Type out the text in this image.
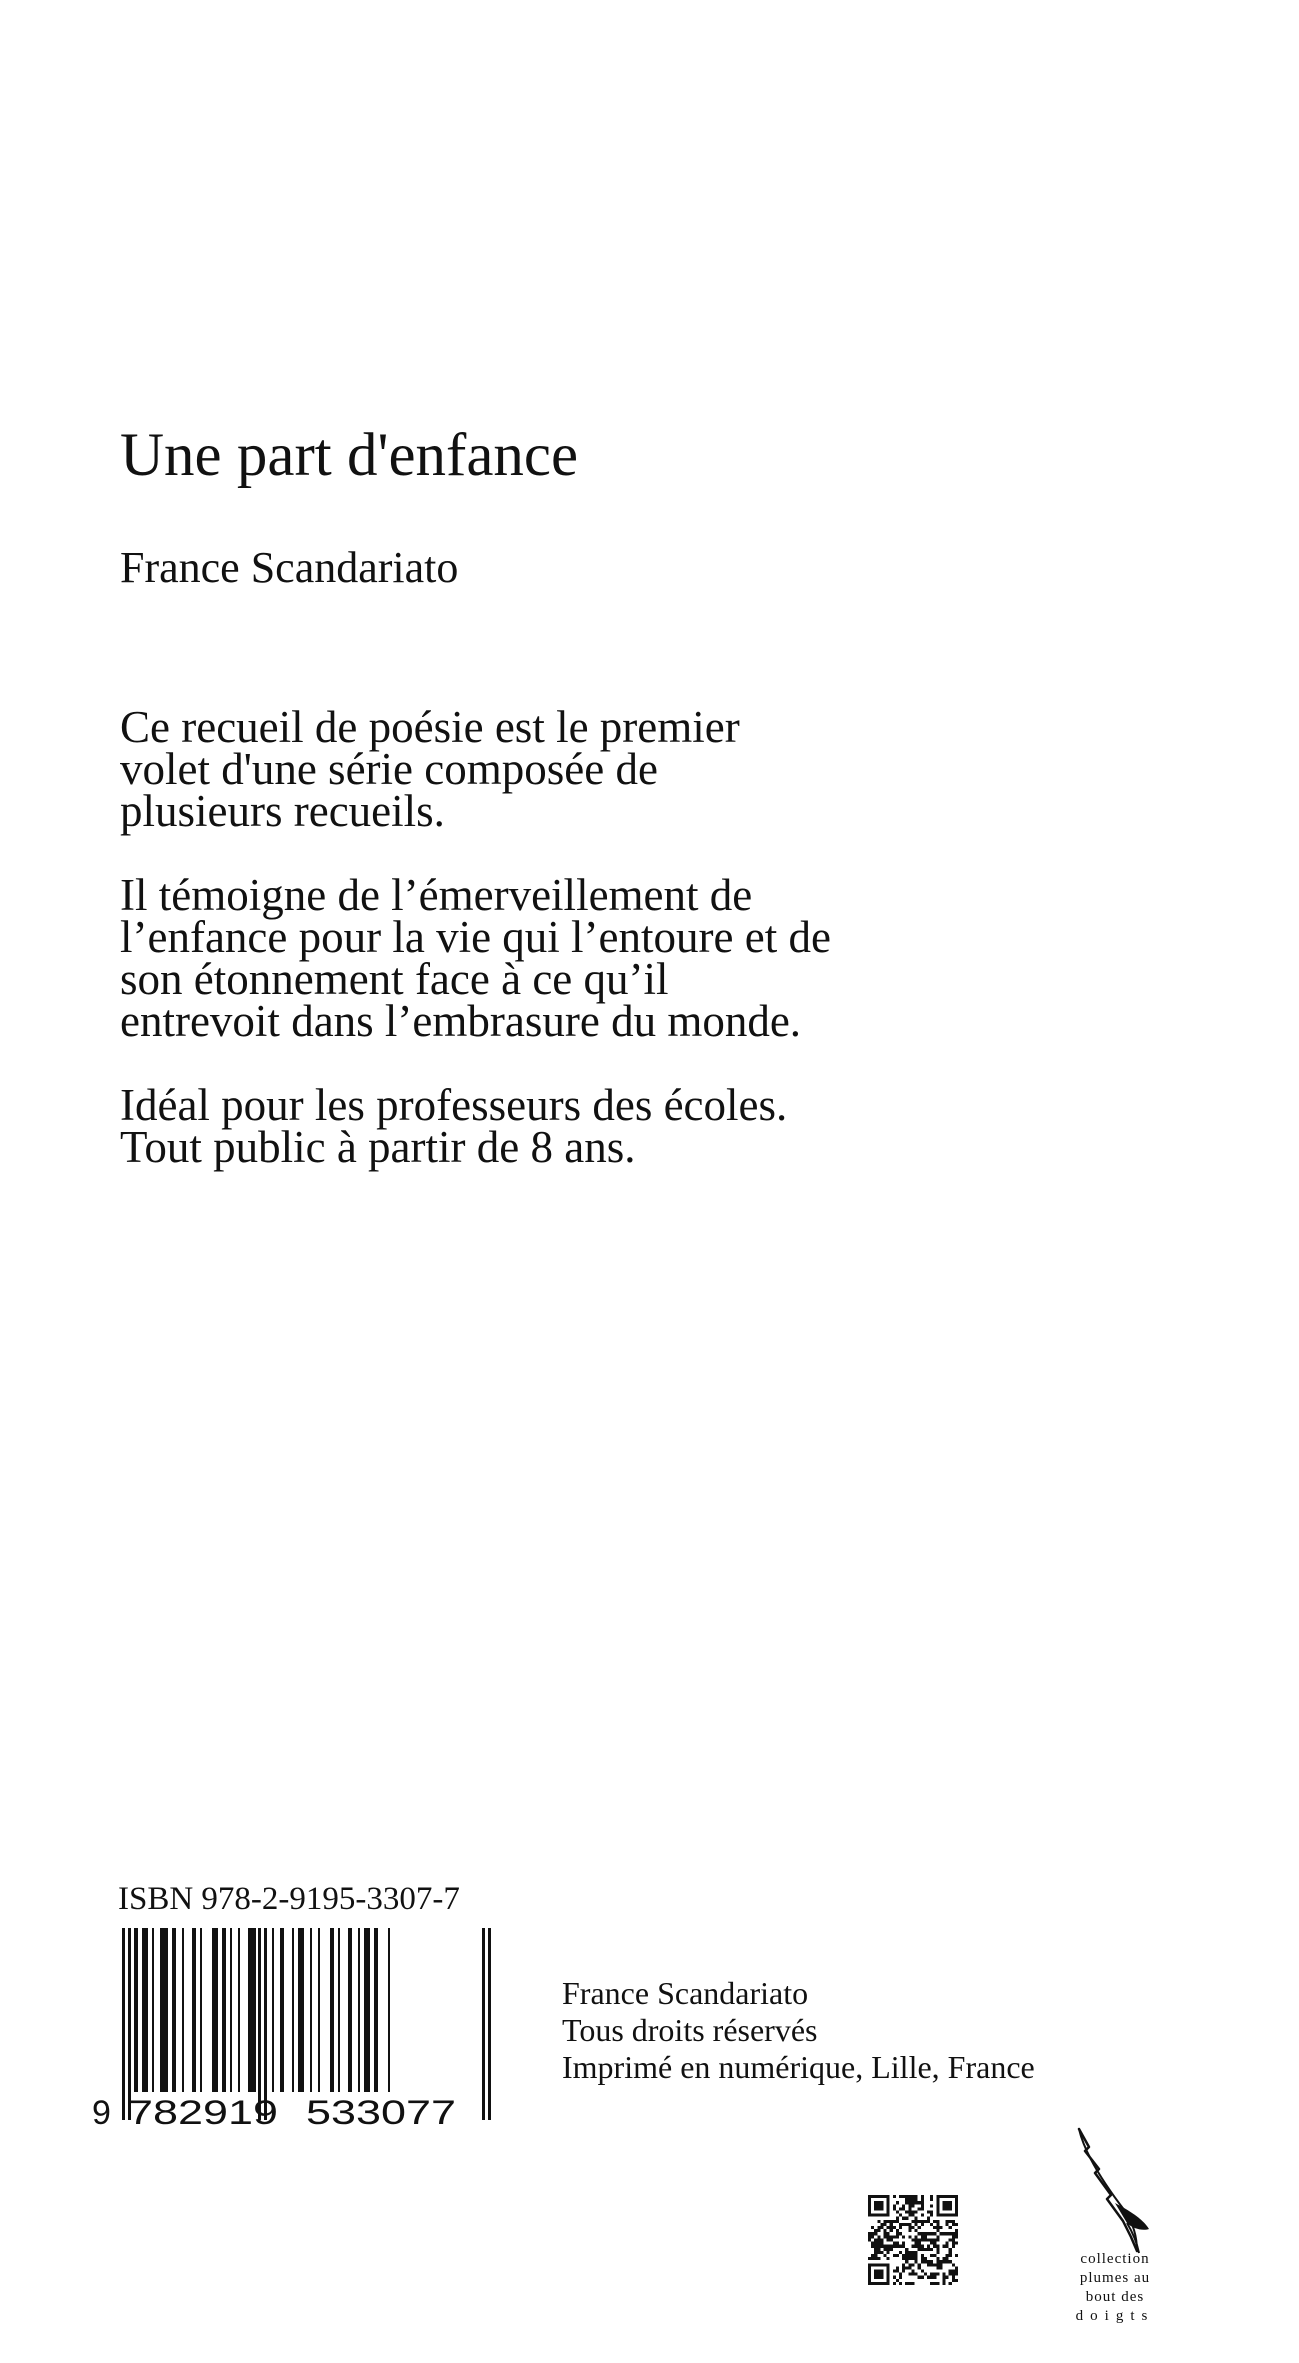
Une part d'enfance
France Scandariato

Ce recueil de poésie est le premier
volet d'une série composée de
plusieurs recueils.

Il témoigne de l’émerveillement de
l’enfance pour la vie qui l’entoure et de
son étonnement face à ce qu’il
entrevoit dans l’embrasure du monde.

Idéal pour les professeurs des écoles.
Tout public à partir de 8 ans.

ISBN 978-2-9195-3307-7
9 782919 533077
France Scandariato
Tous droits réservés
Imprimé en numérique, Lille, France
collection
plumes au
bout des
doigts
